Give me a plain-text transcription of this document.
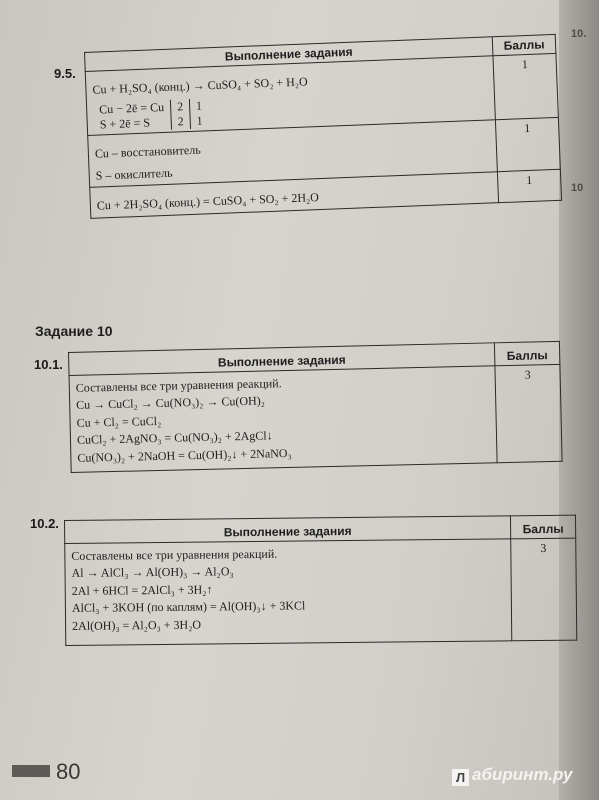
10.
10
9.5.
Выполнение задания	Баллы

Cu + H₂SO₄ (конц.) → CuSO₄ + SO₂ + H₂O
Cu − 2ē = Cu	2	1
S + 2ē = S	2	1
	1

Cu – восстановитель
S – окислитель
	1

Cu + 2H₂SO₄ (конц.) = CuSO₄ + SO₂ + 2H₂O
	1
Задание 10
10.1.	Выполнение задания	Баллы

Составлены все три уравнения реакций.
Cu → CuCl₂ → Cu(NO₃)₂ → Cu(OH)₂
Cu + Cl₂ = CuCl₂
CuCl₂ + 2AgNO₃ = Cu(NO₃)₂ + 2AgCl↓
Cu(NO₃)₂ + 2NaOH = Cu(OH)₂↓ + 2NaNO₃	3
10.2.
Выполнение задания	Баллы

Составлены все три уравнения реакций.
Al → AlCl₃ → Al(OH)₃ → Al₂O₃
2Al + 6HCl = 2AlCl₃ + 3H₂↑
AlCl₃ + 3KOH (по каплям) = Al(OH)₃↓ + 3KCl
2Al(OH)₃ = Al₂O₃ + 3H₂O	3
80	Л абиринт.ру
